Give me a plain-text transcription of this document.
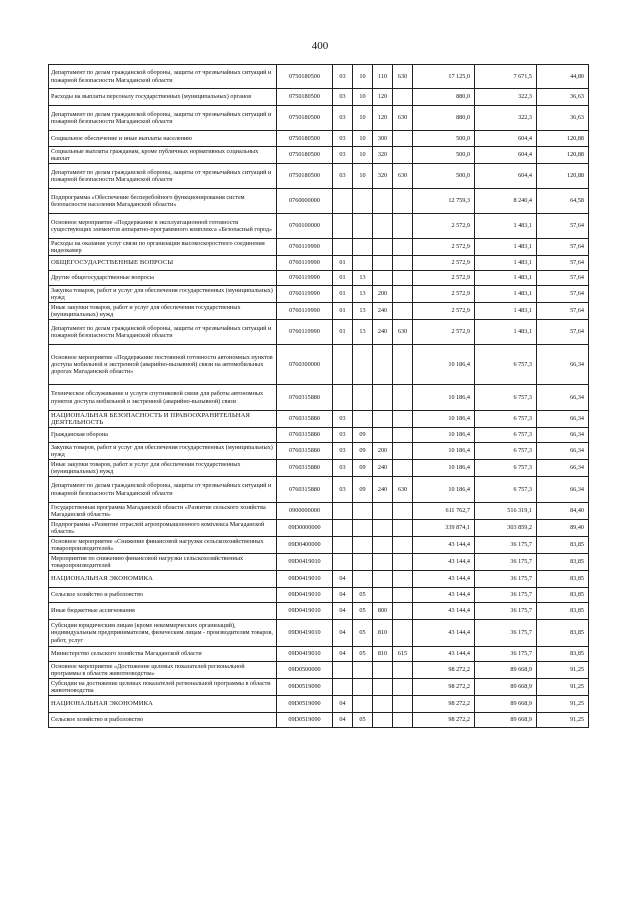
400
Департамент по делам гражданской обороны, защиты от чрезвычайных ситуаций и пожарной безопасности Магаданской области	0750180500	03	10	110	630	17 125,0	7 671,5	44,80
Расходы на выплаты персоналу государственных (муниципальных) органов	0750180500	03	10	120		880,0	322,3	36,63
Департамент по делам гражданской обороны, защиты от чрезвычайных ситуаций и пожарной безопасности Магаданской области	0750180500	03	10	120	630	880,0	322,3	36,63
Социальное обеспечение и иные выплаты населению	0750180500	03	10	300		500,0	604,4	120,88
Социальные выплаты гражданам, кроме публичных нормативных социальных выплат	0750180500	03	10	320		500,0	604,4	120,88
Департамент по делам гражданской обороны, защиты от чрезвычайных ситуаций и пожарной безопасности Магаданской области	0750180500	03	10	320	630	500,0	604,4	120,88
Подпрограмма «Обеспечение бесперебойного функционирования систем безопасности населения Магаданской области»	0760000000					12 759,3	8 240,4	64,58
Основное мероприятие «Поддержание в эксплуатационной готовности существующих элементов аппаратно-программного комплекса «Безопасный город»	0760100000					2 572,9	1 483,1	57,64
Расходы на оказание услуг связи по организации высокоскоростного соединения видеокамер	0760119990					2 572,9	1 483,1	57,64
ОБЩЕГОСУДАРСТВЕННЫЕ ВОПРОСЫ	0760119990	01				2 572,9	1 483,1	57,64
Другие общегосударственные вопросы	0760119990	01	13			2 572,9	1 483,1	57,64
Закупка товаров, работ и услуг для обеспечения государственных (муниципальных) нужд	0760119990	01	13	200		2 572,9	1 483,1	57,64
Иные закупки товаров, работ и услуг для обеспечения государственных (муниципальных) нужд	0760119990	01	13	240		2 572,9	1 483,1	57,64
Департамент по делам гражданской обороны, защиты от чрезвычайных ситуаций и пожарной безопасности Магаданской области	0760119990	01	13	240	630	2 572,9	1 483,1	57,64
Основное мероприятие «Поддержание постоянной готовности автономных пунктов доступа мобильной и экстренной (аварийно-вызывной) связи на автомобильных дорогах Магаданской области»	0760300000					10 186,4	6 757,3	66,34
Техническое обслуживание и услуги спутниковой связи для работы автономных пунктов доступа мобильной и экстренной (аварийно-вызывной) связи	0760315880					10 186,4	6 757,3	66,34
НАЦИОНАЛЬНАЯ БЕЗОПАСНОСТЬ И ПРАВООХРАНИТЕЛЬНАЯ ДЕЯТЕЛЬНОСТЬ	0760315880	03				10 186,4	6 757,3	66,34
Гражданская оборона	0760315880	03	09			10 186,4	6 757,3	66,34
Закупка товаров, работ и услуг для обеспечения государственных (муниципальных) нужд	0760315880	03	09	200		10 186,4	6 757,3	66,34
Иные закупки товаров, работ и услуг для обеспечения государственных (муниципальных) нужд	0760315880	03	09	240		10 186,4	6 757,3	66,34
Департамент по делам гражданской обороны, защиты от чрезвычайных ситуаций и пожарной безопасности Магаданской области	0760315880	03	09	240	630	10 186,4	6 757,3	66,34
Государственная программа Магаданской области «Развитие сельского хозяйства Магаданской области»	0900000000					611 762,7	516 319,1	84,40
Подпрограмма «Развитие отраслей агропромышленного комплекса Магаданской области»	09D0000000					339 874,1	303 859,2	89,40
Основное мероприятие «Снижение финансовой нагрузки сельскохозяйственных товаропроизводителей»	09D0400000					43 144,4	36 175,7	83,85
Мероприятия по снижению финансовой нагрузки сельскохозяйственных товаропроизводителей	09D0419010					43 144,4	36 175,7	83,85
НАЦИОНАЛЬНАЯ ЭКОНОМИКА	09D0419010	04				43 144,4	36 175,7	83,85
Сельское хозяйство и рыболовство	09D0419010	04	05			43 144,4	36 175,7	83,85
Иные бюджетные ассигнования	09D0419010	04	05	800		43 144,4	36 175,7	83,85
Субсидии юридическим лицам (кроме некоммерческих организаций), индивидуальным предпринимателям, физическим лицам - производителям товаров, работ, услуг	09D0419010	04	05	810		43 144,4	36 175,7	83,85
Министерство сельского хозяйства Магаданской области	09D0419010	04	05	810	615	43 144,4	36 175,7	83,85
Основное мероприятие «Достижение целевых показателей региональной программы в области животноводства»	09D0500000					98 272,2	89 668,9	91,25
Субсидии на достижение целевых показателей региональной программы в области животноводства	09D0519090					98 272,2	89 668,9	91,25
НАЦИОНАЛЬНАЯ ЭКОНОМИКА	09D0519090	04				98 272,2	89 668,9	91,25
Сельское хозяйство и рыболовство	09D0519090	04	05			98 272,2	89 668,9	91,25
